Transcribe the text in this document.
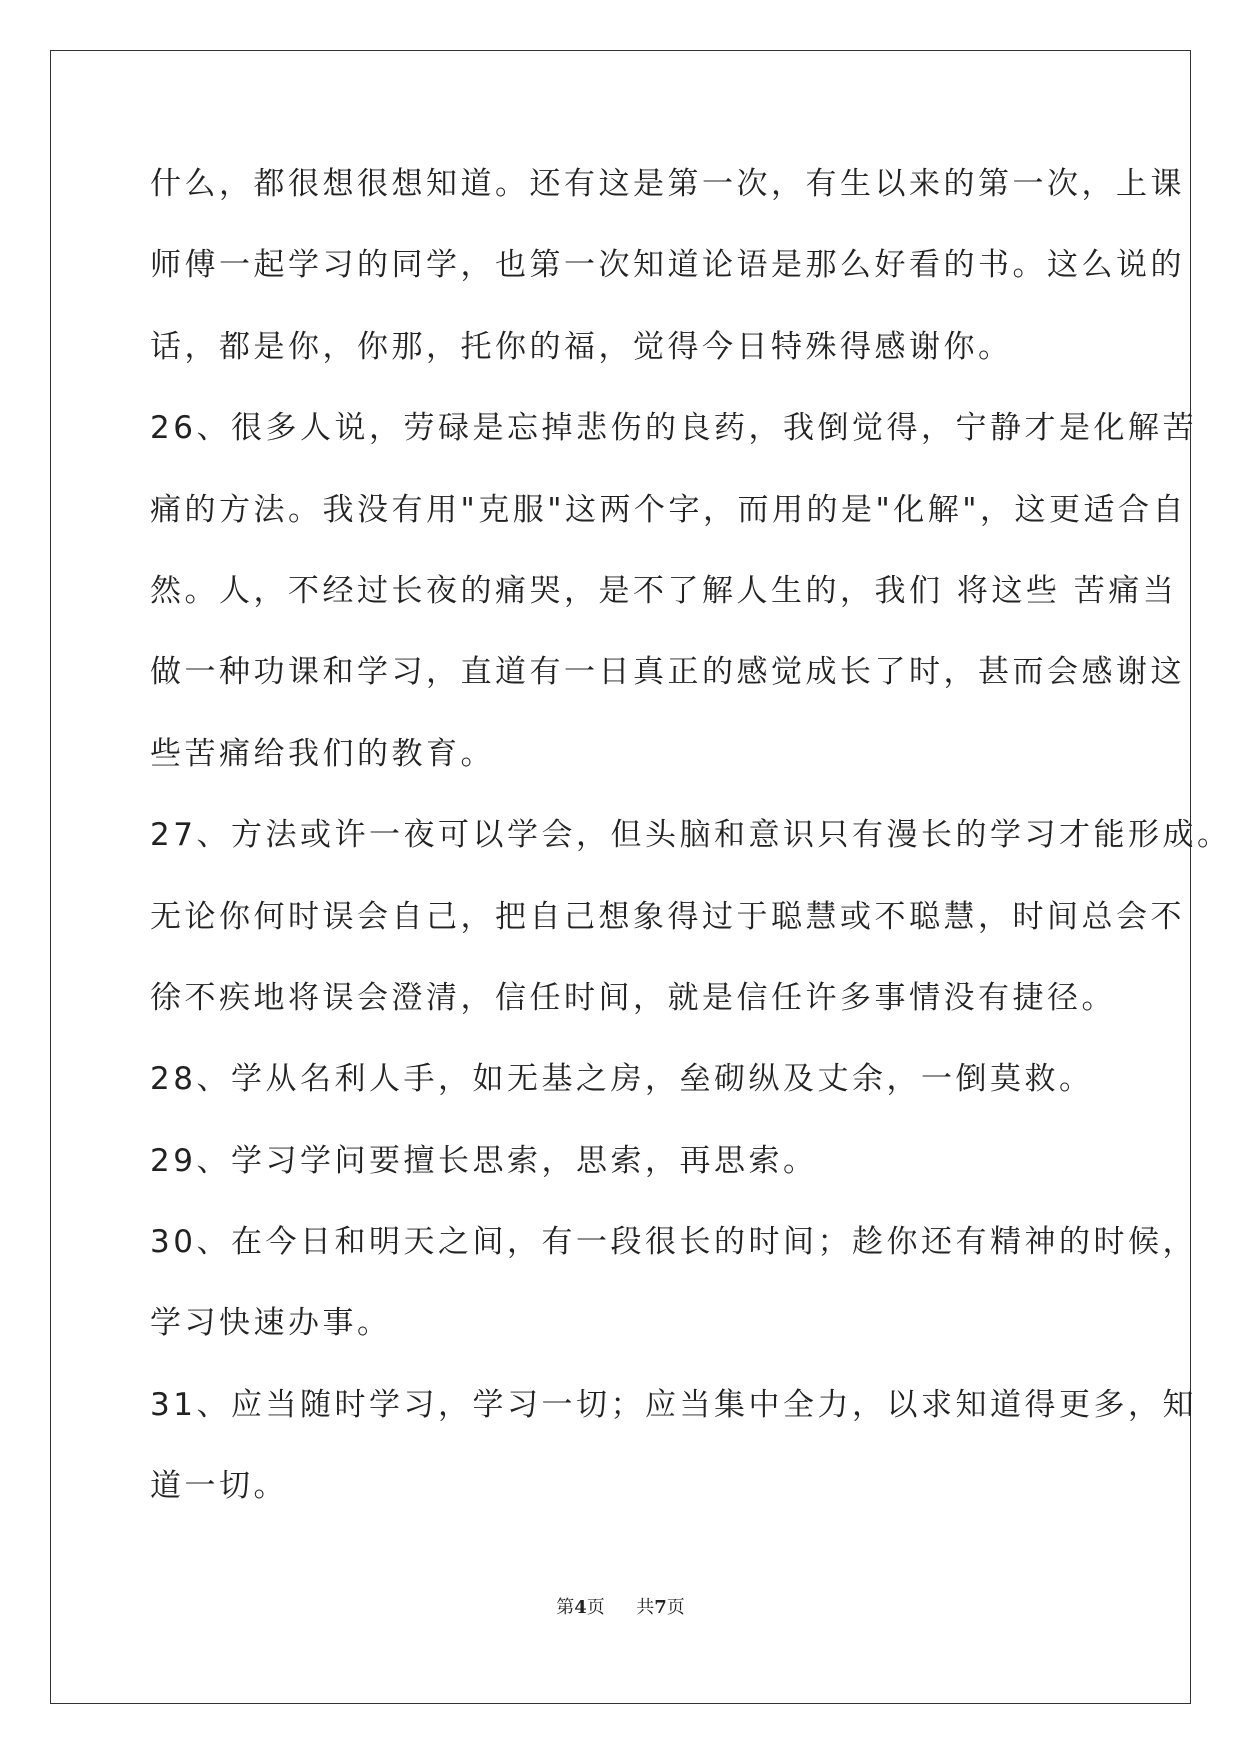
什么，都很想很想知道。还有这是第一次，有生以来的第一次，上课
师傅一起学习的同学，也第一次知道论语是那么好看的书。这么说的
话，都是你，你那，托你的福，觉得今日特殊得感谢你。
26、很多人说，劳碌是忘掉悲伤的良药，我倒觉得，宁静才是化解苦
痛的方法。我没有用"克服"这两个字，而用的是"化解"，这更适合自
然。人，不经过长夜的痛哭，是不了解人生的，我们 将这些 苦痛当
做一种功课和学习，直道有一日真正的感觉成长了时，甚而会感谢这
些苦痛给我们的教育。
27、方法或许一夜可以学会，但头脑和意识只有漫长的学习才能形成。
无论你何时误会自己，把自己想象得过于聪慧或不聪慧，时间总会不
徐不疾地将误会澄清，信任时间，就是信任许多事情没有捷径。
28、学从名利人手，如无基之房，垒砌纵及丈余，一倒莫救。
29、学习学问要擅长思索，思索，再思索。
30、在今日和明天之间，有一段很长的时间；趁你还有精神的时候，
学习快速办事。
31、应当随时学习，学习一切；应当集中全力，以求知道得更多，知
道一切。
第4页 共7页
